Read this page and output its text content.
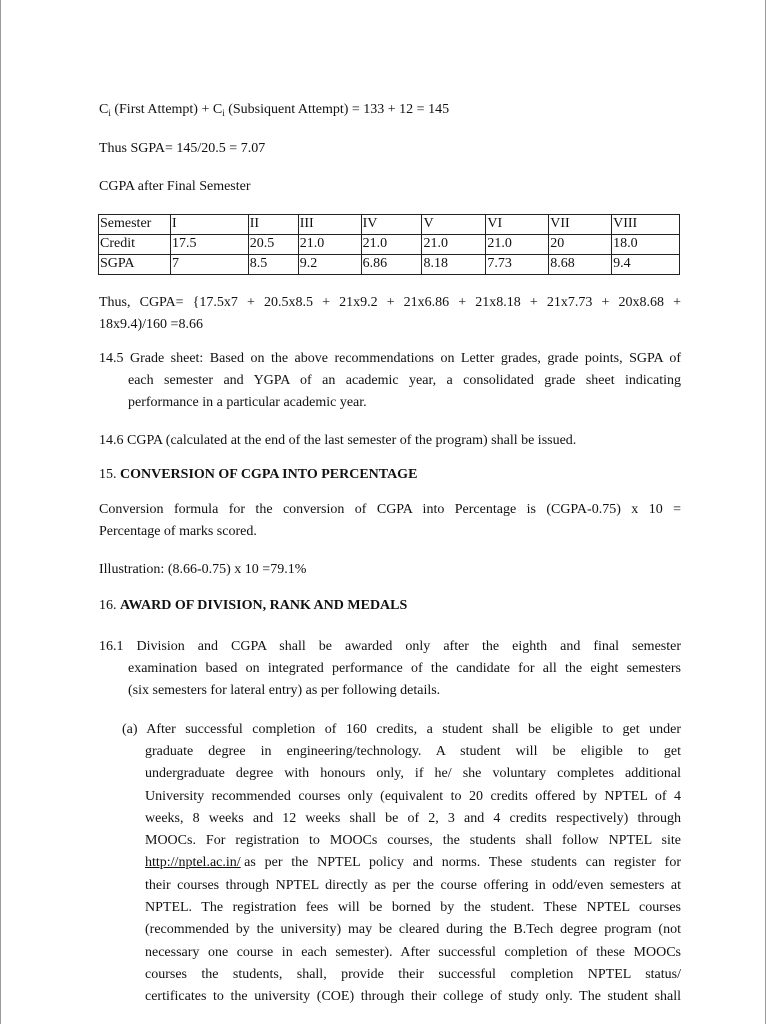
$C_i$ (First Attempt) + $C_i$ (Subsiquent Attempt) = 133 + 12 = 145
Thus SGPA= 145/20.5 = 7.07
CGPA after Final Semester
Semester	I	II	III	IV	V	VI	VII	VIII
Credit	17.5	20.5	21.0	21.0	21.0	21.0	20	18.0
SGPA	7	8.5	9.2	6.86	8.18	7.73	8.68	9.4
Thus, CGPA= {17.5x7 + 20.5x8.5 + 21x9.2 + 21x6.86 + 21x8.18 + 21x7.73 + 20x8.68 +
18x9.4)/160 =8.66
14.5 Grade sheet: Based on the above recommendations on Letter grades, grade points, SGPA of
each semester and YGPA of an academic year, a consolidated grade sheet indicating
performance in a particular academic year.
14.6 CGPA (calculated at the end of the last semester of the program) shall be issued.
15. CONVERSION OF CGPA INTO PERCENTAGE
Conversion formula for the conversion of CGPA into Percentage is (CGPA-0.75) x 10 =
Percentage of marks scored.
Illustration: (8.66-0.75) x 10 =79.1%
16. AWARD OF DIVISION, RANK AND MEDALS
16.1 Division and CGPA shall be awarded only after the eighth and final semester
examination based on integrated performance of the candidate for all the eight semesters
(six semesters for lateral entry) as per following details.
(a) After successful completion of 160 credits, a student shall be eligible to get under
graduate degree in engineering/technology. A student will be eligible to get
undergraduate degree with honours only, if he/ she voluntary completes additional
University recommended courses only (equivalent to 20 credits offered by NPTEL of 4
weeks, 8 weeks and 12 weeks shall be of 2, 3 and 4 credits respectively) through
MOOCs. For registration to MOOCs courses, the students shall follow NPTEL site
http://nptel.ac.in/
as per the NPTEL policy and norms. These students can register for
their courses through NPTEL directly as per the course offering in odd/even semesters at
NPTEL. The registration fees will be borned by the student. These NPTEL courses
(recommended by the university) may be cleared during the B.Tech degree program (not
necessary one course in each semester). After successful completion of these MOOCs
courses the students, shall, provide their successful completion NPTEL status/
certificates to the university (COE) through their college of study only. The student shall
